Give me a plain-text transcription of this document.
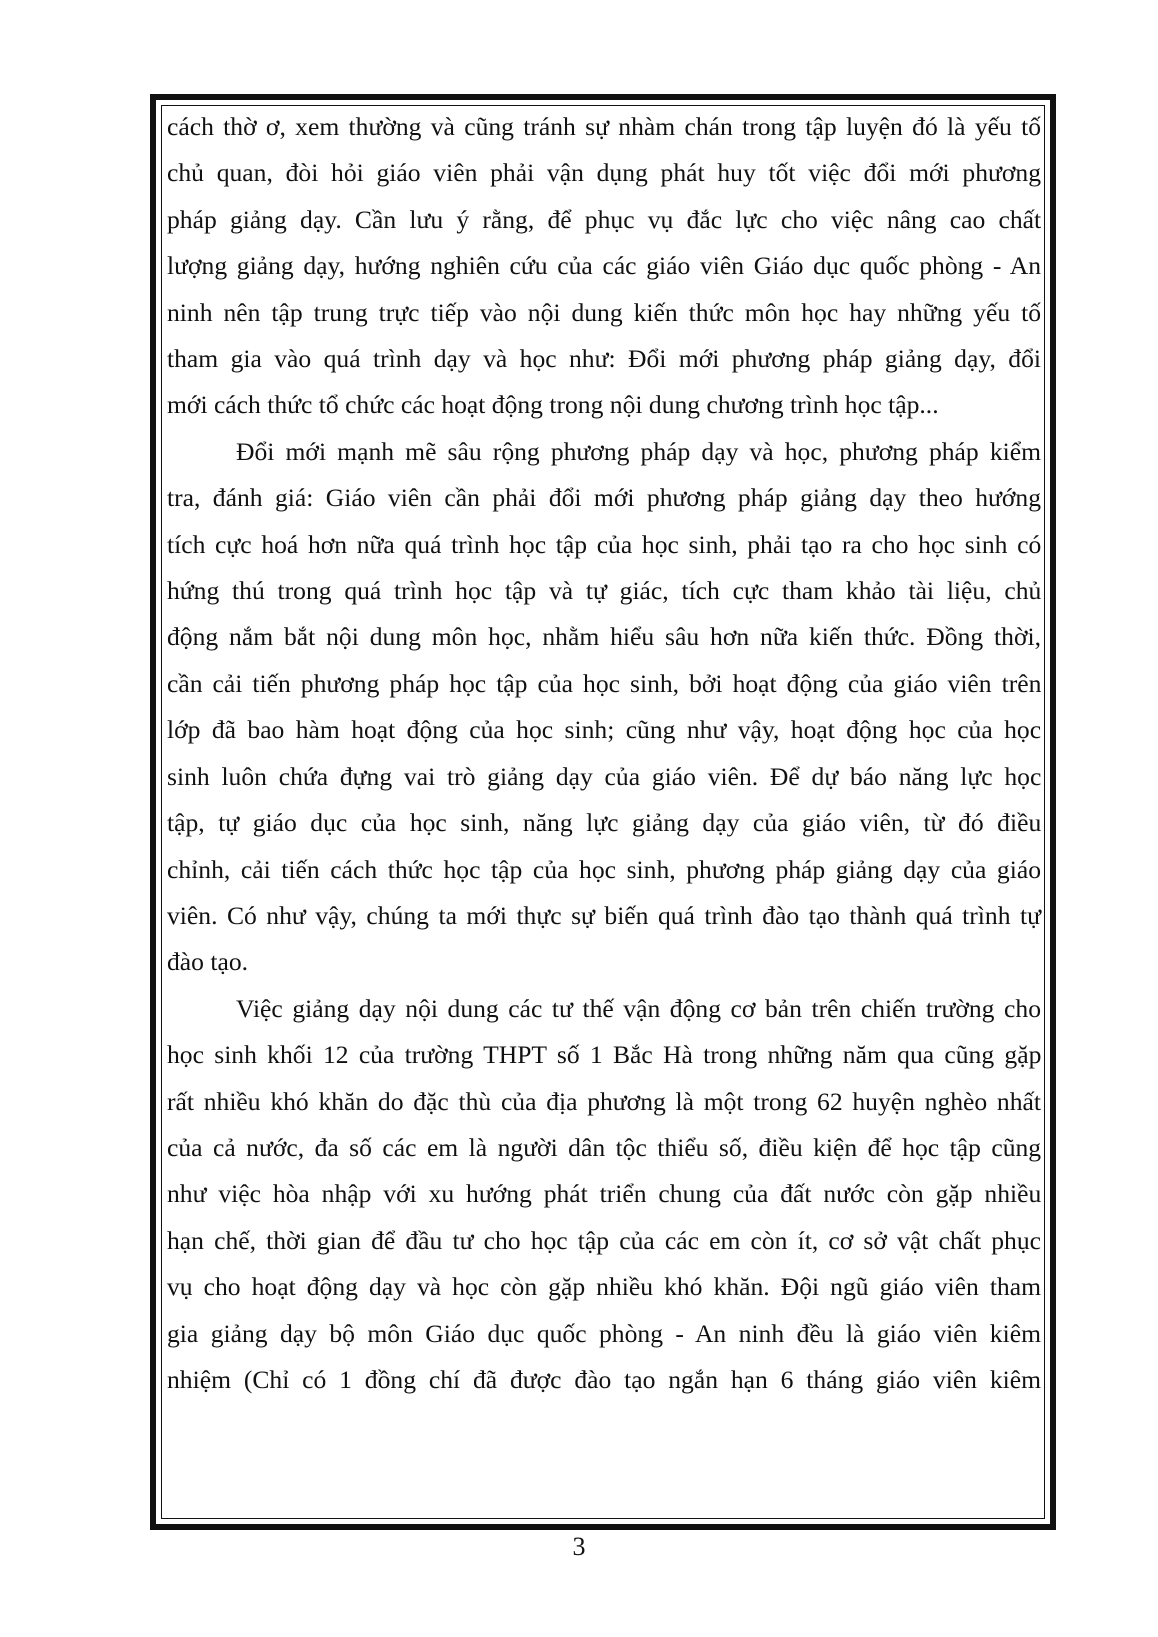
cách thờ ơ, xem thường và cũng tránh sự nhàm chán trong tập luyện đó là yếu tố
chủ quan, đòi hỏi giáo viên phải vận dụng phát huy tốt việc đổi mới phương
pháp giảng dạy. Cần lưu ý rằng, để phục vụ đắc lực cho việc nâng cao chất
lượng giảng dạy, hướng nghiên cứu của các giáo viên Giáo dục quốc phòng - An
ninh nên tập trung trực tiếp vào nội dung kiến thức môn học hay những yếu tố
tham gia vào quá trình dạy và học như: Đổi mới phương pháp giảng dạy, đổi
mới cách thức tổ chức các hoạt động trong nội dung chương trình học tập...
Đổi mới mạnh mẽ sâu rộng phương pháp dạy và học, phương pháp kiểm
tra, đánh giá: Giáo viên cần phải đổi mới phương pháp giảng dạy theo hướng
tích cực hoá hơn nữa quá trình học tập của học sinh, phải tạo ra cho học sinh có
hứng thú trong quá trình học tập và tự giác, tích cực tham khảo tài liệu, chủ
động nắm bắt nội dung môn học, nhằm hiểu sâu hơn nữa kiến thức. Đồng thời,
cần cải tiến phương pháp học tập của học sinh, bởi hoạt động của giáo viên trên
lớp đã bao hàm hoạt động của học sinh; cũng như vậy, hoạt động học của học
sinh luôn chứa đựng vai trò giảng dạy của giáo viên. Để dự báo năng lực học
tập, tự giáo dục của học sinh, năng lực giảng dạy của giáo viên, từ đó điều
chỉnh, cải tiến cách thức học tập của học sinh, phương pháp giảng dạy của giáo
viên. Có như vậy, chúng ta mới thực sự biến quá trình đào tạo thành quá trình tự
đào tạo.
Việc giảng dạy nội dung các tư thế vận động cơ bản trên chiến trường cho
học sinh khối 12 của trường THPT số 1 Bắc Hà trong những năm qua cũng gặp
rất nhiều khó khăn do đặc thù của địa phương là một trong 62 huyện nghèo nhất
của cả nước, đa số các em là người dân tộc thiểu số, điều kiện để học tập cũng
như việc hòa nhập với xu hướng phát triển chung của đất nước còn gặp nhiều
hạn chế, thời gian để đầu tư cho học tập của các em còn ít, cơ sở vật chất phục
vụ cho hoạt động dạy và học còn gặp nhiều khó khăn. Đội ngũ giáo viên tham
gia giảng dạy bộ môn Giáo dục quốc phòng - An ninh đều là giáo viên kiêm
nhiệm (Chỉ có 1 đồng chí đã được đào tạo ngắn hạn 6 tháng giáo viên kiêm
3
